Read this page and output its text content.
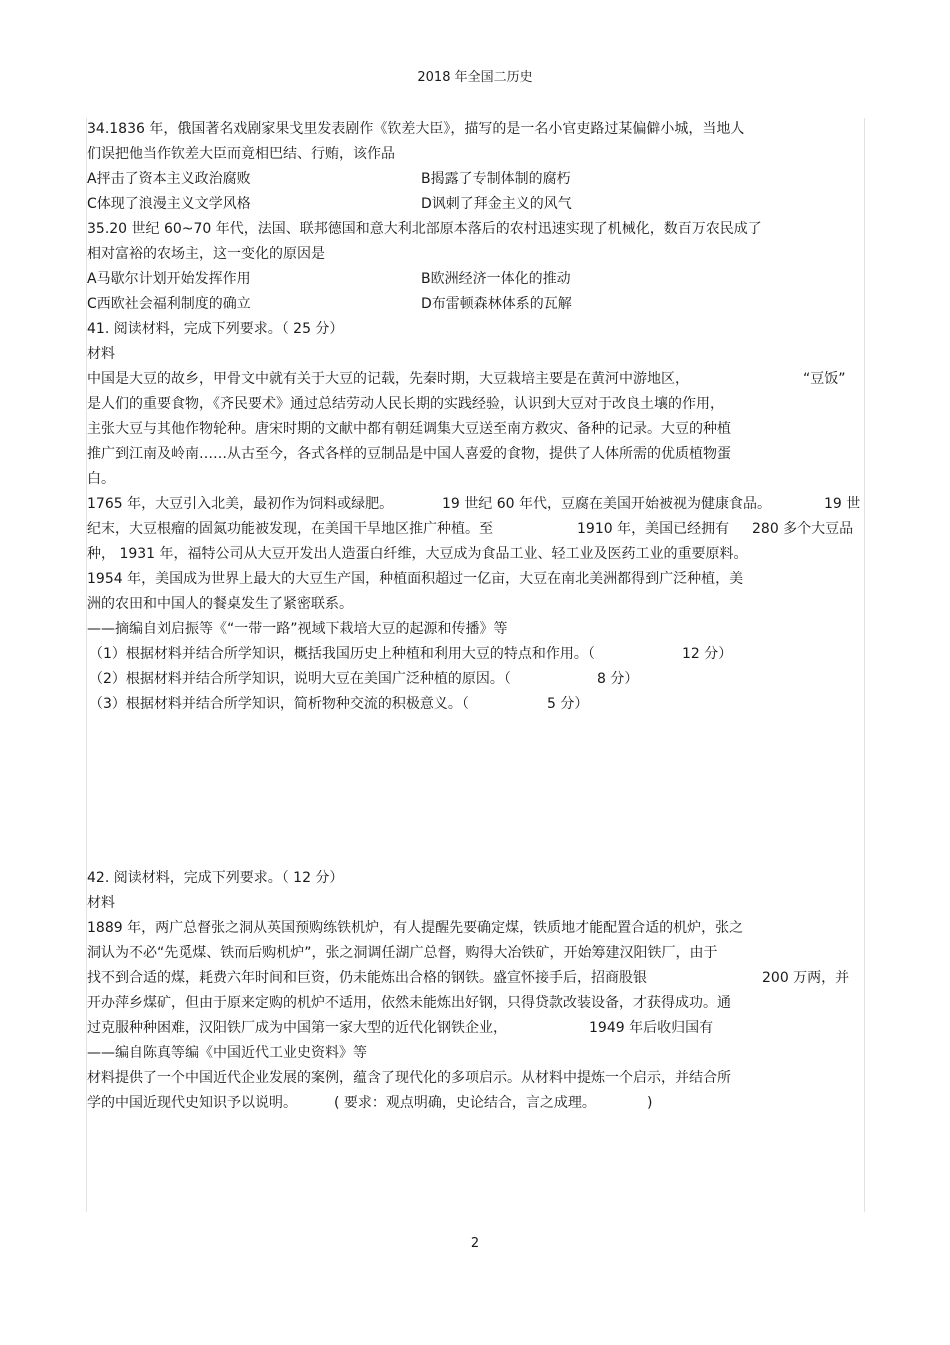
2018 年全国二历史
34.1836 年，俄国著名戏剧家果戈里发表剧作《钦差大臣》，描写的是一名小官吏路过某偏僻小城，当地人
们误把他当作钦差大臣而竟相巴结、行贿，该作品
A抨击了资本主义政治腐败	B揭露了专制体制的腐朽
C体现了浪漫主义文学风格	D讽刺了拜金主义的风气
35.20 世纪 60~70 年代，法国、联邦德国和意大利北部原本落后的农村迅速实现了机械化，数百万农民成了
相对富裕的农场主，这一变化的原因是
A马歇尔计划开始发挥作用	B欧洲经济一体化的推动
C西欧社会福利制度的确立	D布雷顿森林体系的瓦解
41. 阅读材料，完成下列要求。（ 25 分）
材料
中国是大豆的故乡，甲骨文中就有关于大豆的记载，先秦时期，大豆栽培主要是在黄河中游地区，	“豆饭”
是人们的重要食物，《齐民要术》通过总结劳动人民长期的实践经验，认识到大豆对于改良土壤的作用，
主张大豆与其他作物轮种。唐宋时期的文献中都有朝廷调集大豆送至南方救灾、备种的记录。大豆的种植
推广到江南及岭南……从古至今，各式各样的豆制品是中国人喜爱的食物，提供了人体所需的优质植物蛋
白。
1765 年，大豆引入北美，最初作为饲料或绿肥。	19 世纪 60 年代，豆腐在美国开始被视为健康食品。	19 世
纪末，大豆根瘤的固氮功能被发现，在美国干旱地区推广种植。至	1910 年，美国已经拥有 280 多个大豆品
种， 1931 年，福特公司从大豆开发出人造蛋白纤维，大豆成为食品工业、轻工业及医药工业的重要原料。
1954 年，美国成为世界上最大的大豆生产国，种植面积超过一亿亩，大豆在南北美洲都得到广泛种植，美
洲的农田和中国人的餐桌发生了紧密联系。
——摘编自刘启振等《“一带一路”视域下栽培大豆的起源和传播》等
（1）根据材料并结合所学知识，概括我国历史上种植和利用大豆的特点和作用。（	12 分）
（2）根据材料并结合所学知识，说明大豆在美国广泛种植的原因。（	8 分）
（3）根据材料并结合所学知识，简析物种交流的积极意义。（	5 分）
42. 阅读材料，完成下列要求。（ 12 分）
材料
1889 年，两广总督张之洞从英国预购练铁机炉，有人提醒先要确定煤，铁质地才能配置合适的机炉，张之
洞认为不必“先觅煤、铁而后购机炉”，张之洞调任湖广总督，购得大冶铁矿，开始筹建汉阳铁厂，由于
找不到合适的煤，耗费六年时间和巨资，仍未能炼出合格的钢铁。盛宣怀接手后，招商股银	200 万两，并
开办萍乡煤矿，但由于原来定购的机炉不适用，依然未能炼出好钢，只得贷款改装设备，才获得成功。通
过克服种种困难，汉阳铁厂成为中国第一家大型的近代化钢铁企业，	1949 年后收归国有
——编自陈真等编《中国近代工业史资料》等
材料提供了一个中国近代企业发展的案例，蕴含了现代化的多项启示。从材料中提炼一个启示，并结合所
学的中国近现代史知识予以说明。	( 要求：观点明确，史论结合，言之成理。	)
2
